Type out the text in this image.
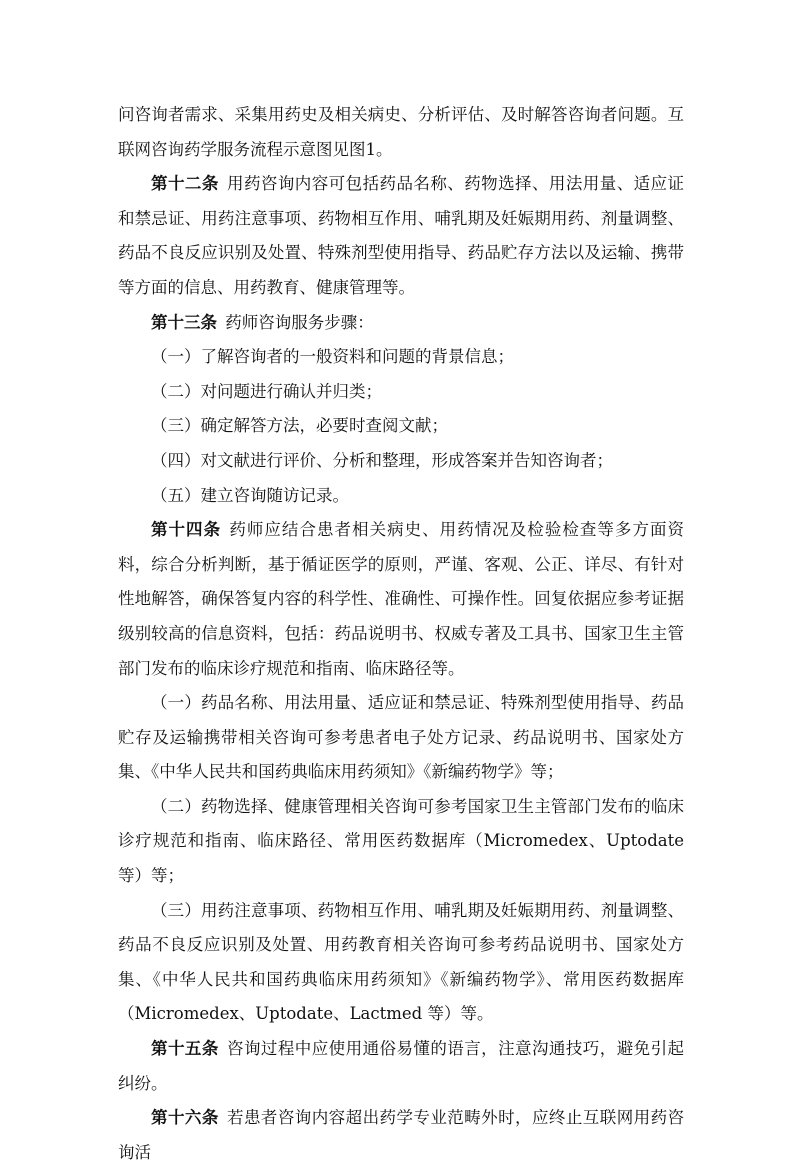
问咨询者需求、采集用药史及相关病史、分析评估、及时解答咨询者问题。互联网咨询药学服务流程示意图见图1。

第十二条 用药咨询内容可包括药品名称、药物选择、用法用量、适应证和禁忌证、用药注意事项、药物相互作用、哺乳期及妊娠期用药、剂量调整、药品不良反应识别及处置、特殊剂型使用指导、药品贮存方法以及运输、携带等方面的信息、用药教育、健康管理等。

第十三条 药师咨询服务步骤：

（一）了解咨询者的一般资料和问题的背景信息；

（二）对问题进行确认并归类；

（三）确定解答方法，必要时查阅文献；

（四）对文献进行评价、分析和整理，形成答案并告知咨询者；

（五）建立咨询随访记录。

第十四条 药师应结合患者相关病史、用药情况及检验检查等多方面资料，综合分析判断，基于循证医学的原则，严谨、客观、公正、详尽、有针对性地解答，确保答复内容的科学性、准确性、可操作性。回复依据应参考证据级别较高的信息资料，包括：药品说明书、权威专著及工具书、国家卫生主管部门发布的临床诊疗规范和指南、临床路径等。

（一）药品名称、用法用量、适应证和禁忌证、特殊剂型使用指导、药品贮存及运输携带相关咨询可参考患者电子处方记录、药品说明书、国家处方集、《中华人民共和国药典临床用药须知》《新编药物学》等；

（二）药物选择、健康管理相关咨询可参考国家卫生主管部门发布的临床诊疗规范和指南、临床路径、常用医药数据库（Micromedex、Uptodate 等）等；

（三）用药注意事项、药物相互作用、哺乳期及妊娠期用药、剂量调整、药品不良反应识别及处置、用药教育相关咨询可参考药品说明书、国家处方集、《中华人民共和国药典临床用药须知》《新编药物学》、常用医药数据库（Micromedex、Uptodate、Lactmed 等）等。

第十五条 咨询过程中应使用通俗易懂的语言，注意沟通技巧，避免引起纠纷。

第十六条 若患者咨询内容超出药学专业范畴外时，应终止互联网用药咨询活
